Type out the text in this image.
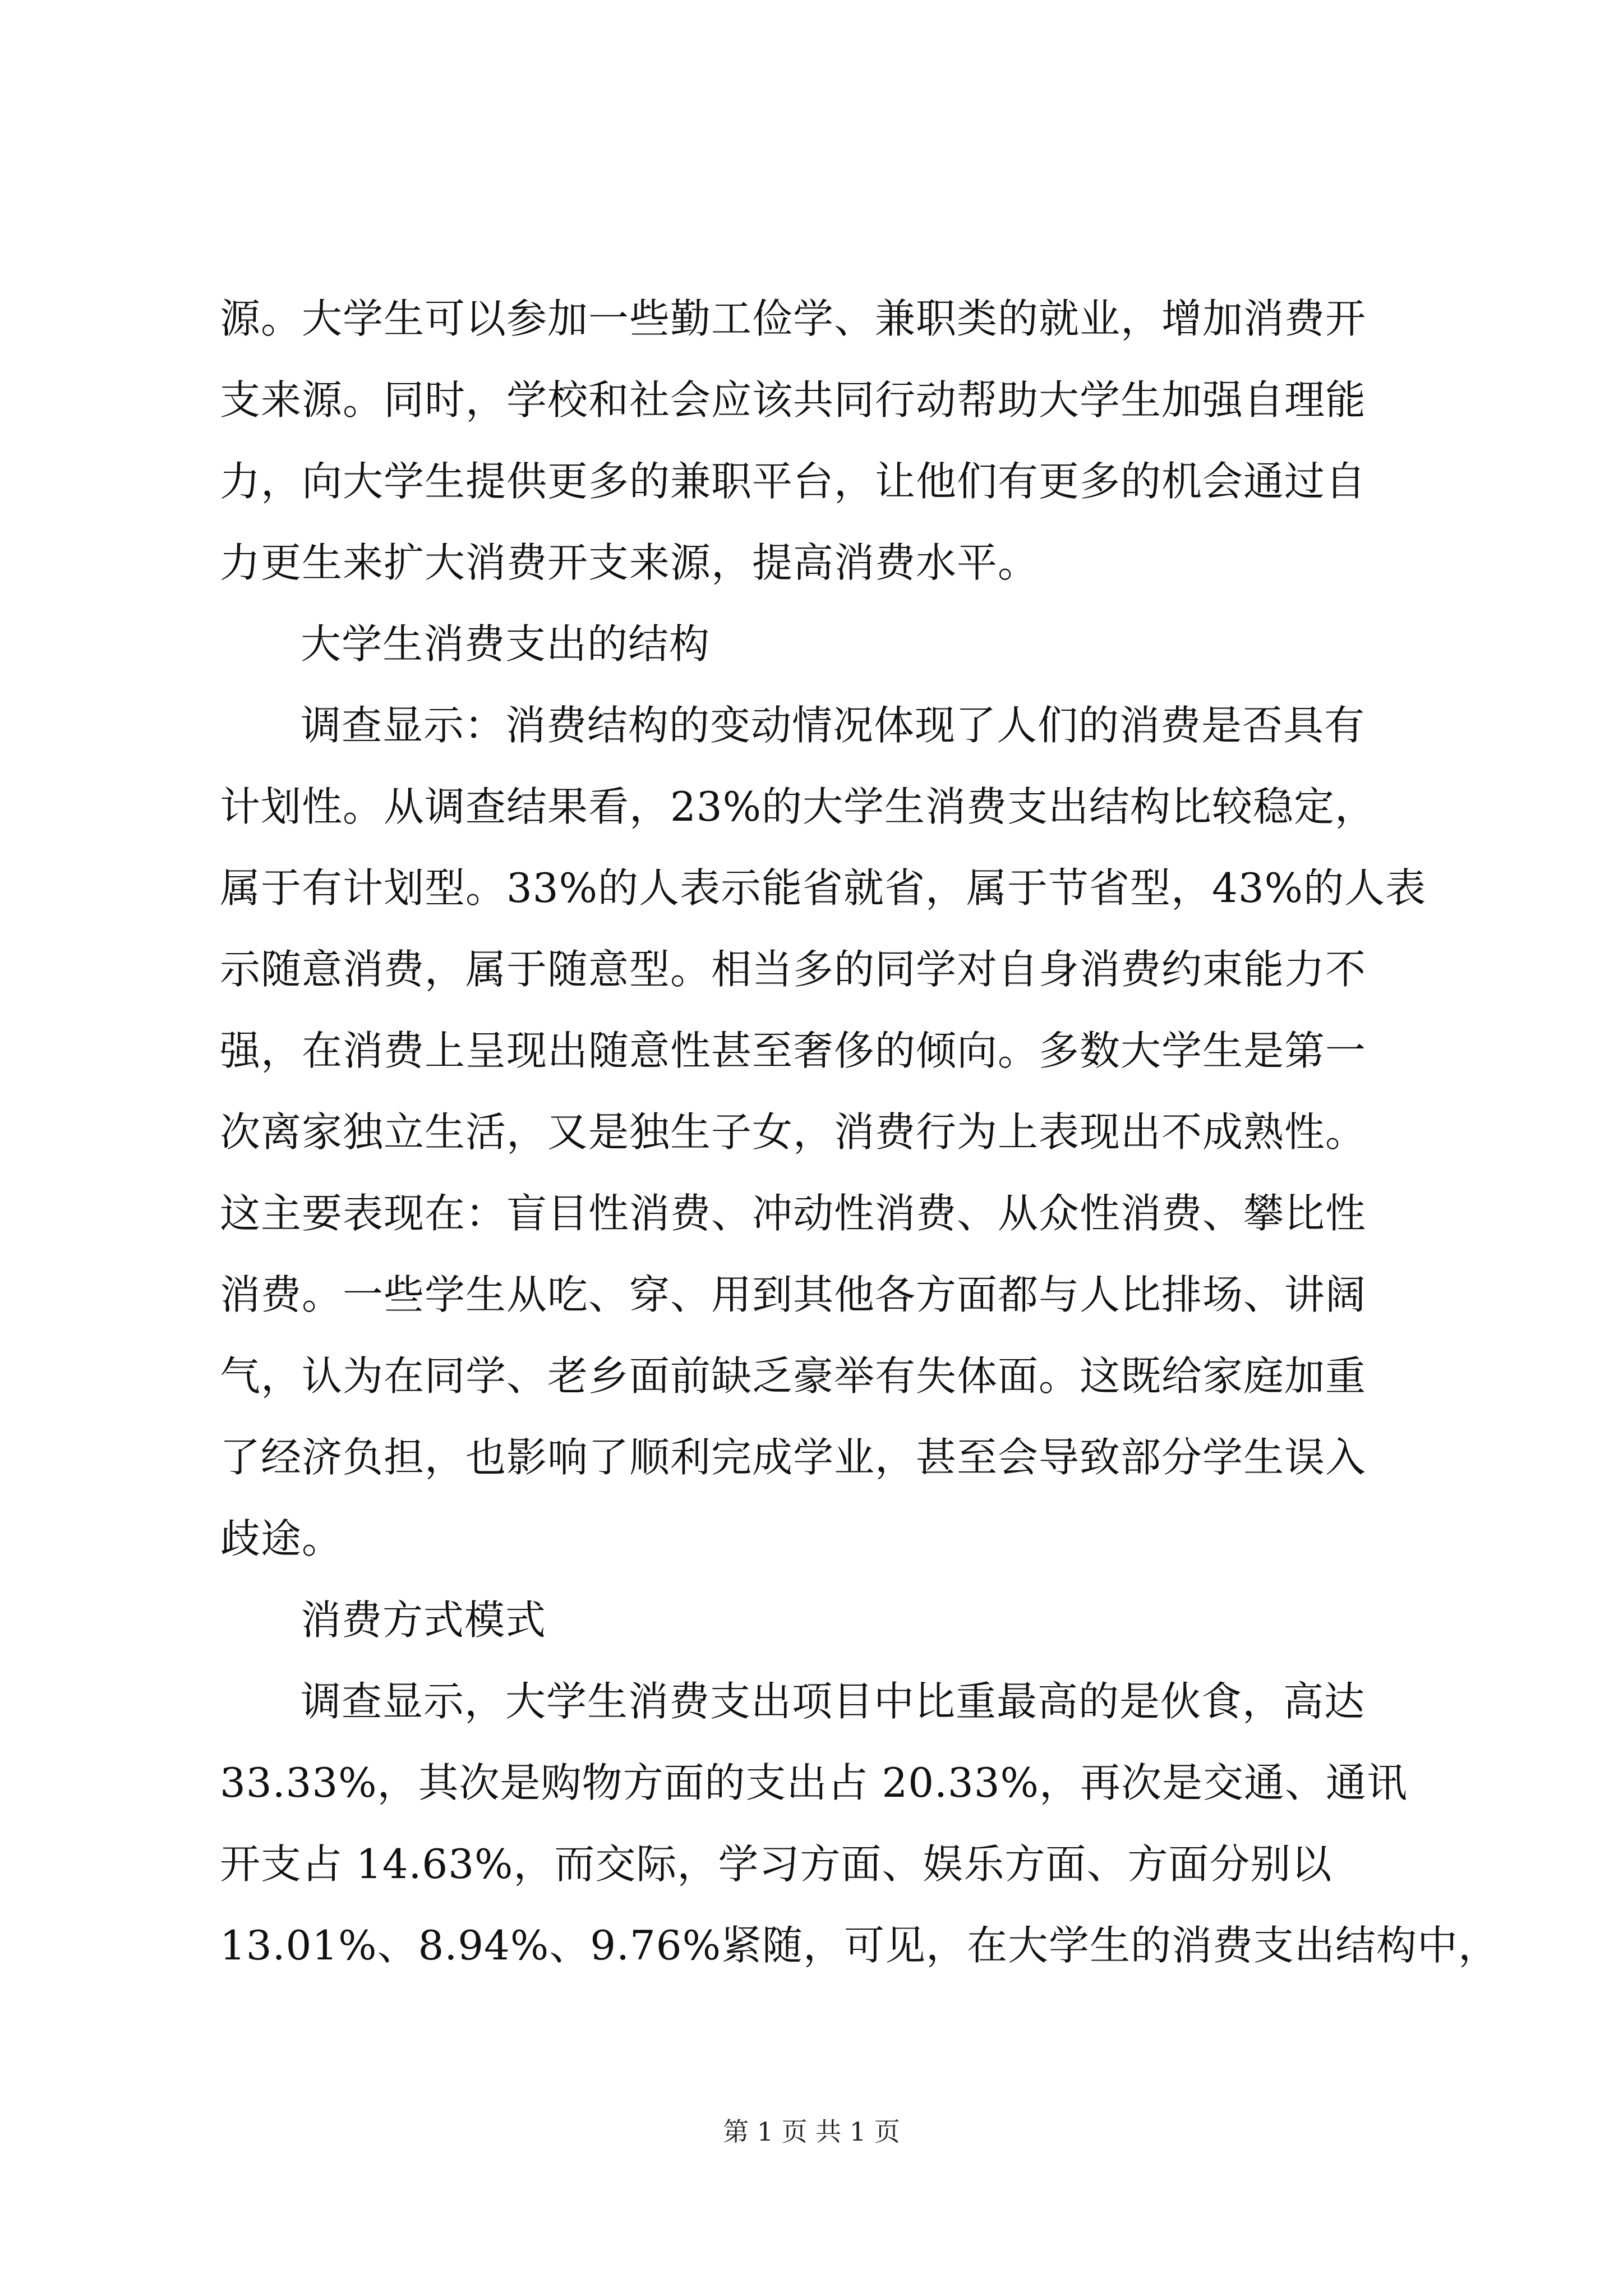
源。大学生可以参加一些勤工俭学、兼职类的就业，增加消费开
支来源。同时，学校和社会应该共同行动帮助大学生加强自理能
力，向大学生提供更多的兼职平台，让他们有更多的机会通过自
力更生来扩大消费开支来源，提高消费水平。
大学生消费支出的结构
调查显示：消费结构的变动情况体现了人们的消费是否具有
计划性。从调查结果看，23%的大学生消费支出结构比较稳定，
属于有计划型。33%的人表示能省就省，属于节省型，43%的人表
示随意消费，属于随意型。相当多的同学对自身消费约束能力不
强，在消费上呈现出随意性甚至奢侈的倾向。多数大学生是第一
次离家独立生活，又是独生子女，消费行为上表现出不成熟性。
这主要表现在：盲目性消费、冲动性消费、从众性消费、攀比性
消费。一些学生从吃、穿、用到其他各方面都与人比排场、讲阔
气，认为在同学、老乡面前缺乏豪举有失体面。这既给家庭加重
了经济负担，也影响了顺利完成学业，甚至会导致部分学生误入
歧途。
消费方式模式
调查显示，大学生消费支出项目中比重最高的是伙食，高达
33.33%，其次是购物方面的支出占 20.33%，再次是交通、通讯
开支占 14.63%，而交际，学习方面、娱乐方面、方面分别以
13.01%、8.94%、9.76%紧随，可见，在大学生的消费支出结构中，
第 1 页 共 1 页
